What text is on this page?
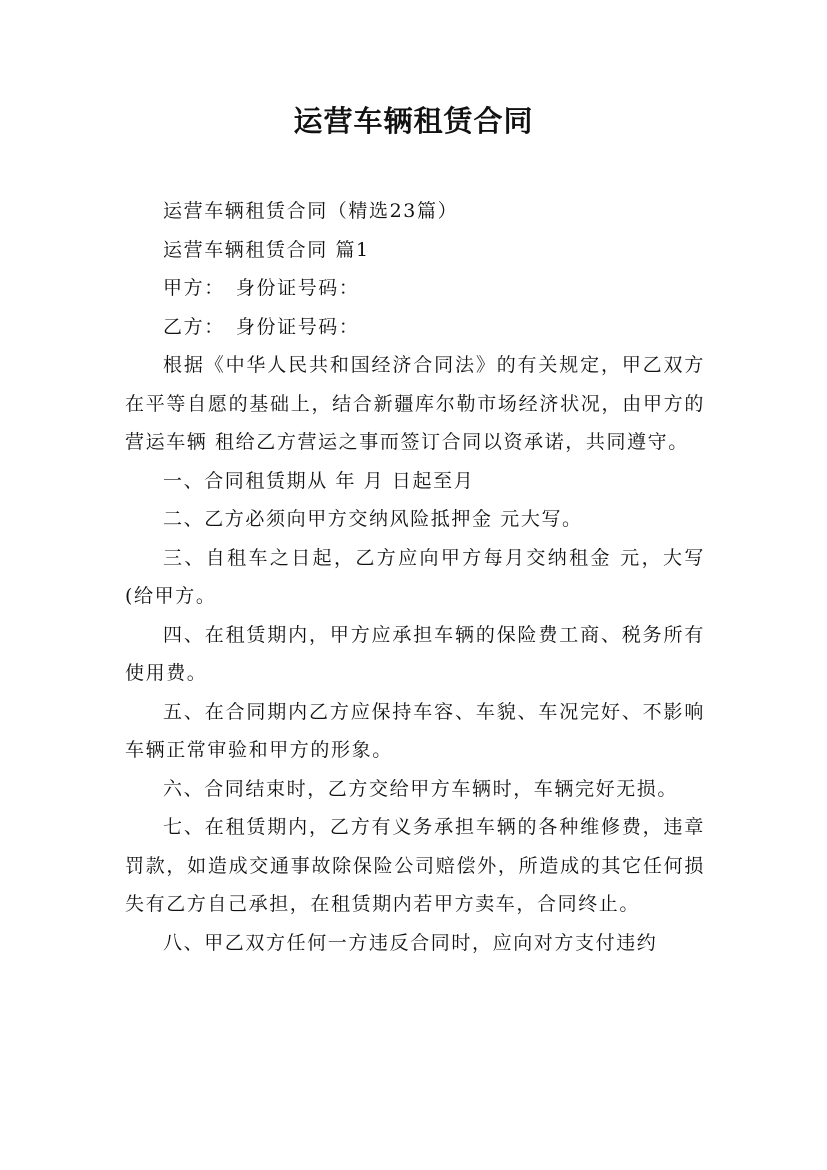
运营车辆租赁合同

运营车辆租赁合同（精选23篇）

运营车辆租赁合同 篇1

甲方：　身份证号码：

乙方：　身份证号码：

根据《中华人民共和国经济合同法》的有关规定，甲乙双方在平等自愿的基础上，结合新疆库尔勒市场经济状况，由甲方的营运车辆 租给乙方营运之事而签订合同以资承诺，共同遵守。

一、合同租赁期从 年 月 日起至月

二、乙方必须向甲方交纳风险抵押金 元大写。

三、自租车之日起，乙方应向甲方每月交纳租金 元，大写(给甲方。

四、在租赁期内，甲方应承担车辆的保险费工商、税务所有使用费。

五、在合同期内乙方应保持车容、车貌、车况完好、不影响车辆正常审验和甲方的形象。

六、合同结束时，乙方交给甲方车辆时，车辆完好无损。

七、在租赁期内，乙方有义务承担车辆的各种维修费，违章罚款，如造成交通事故除保险公司赔偿外，所造成的其它任何损失有乙方自己承担，在租赁期内若甲方卖车，合同终止。

八、甲乙双方任何一方违反合同时，应向对方支付违约
